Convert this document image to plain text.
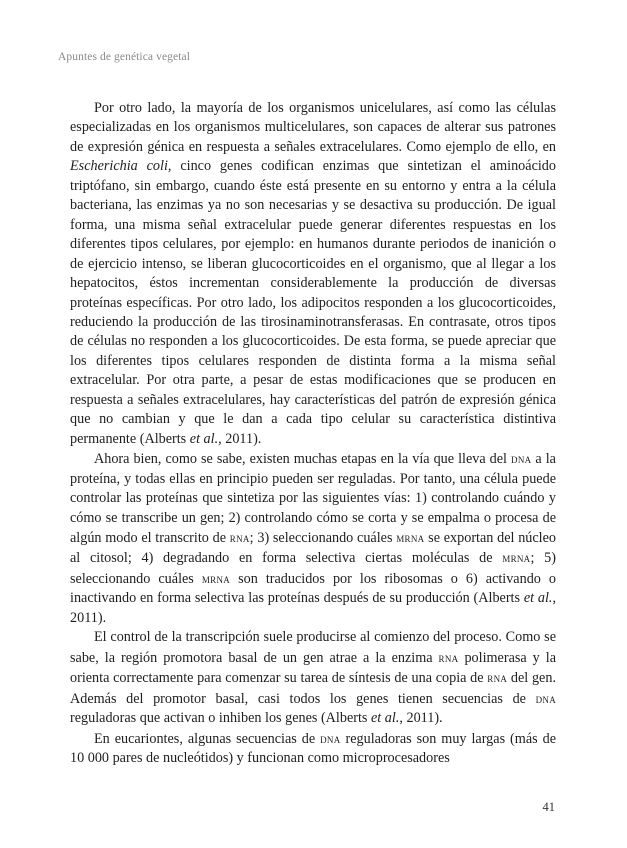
Apuntes de genética vegetal

Por otro lado, la mayoría de los organismos unicelulares, así como las células especializadas en los organismos multicelulares, son capaces de alterar sus patrones de expresión génica en respuesta a señales extracelulares. Como ejemplo de ello, en Escherichia coli, cinco genes codifican enzimas que sintetizan el aminoácido triptófano, sin embargo, cuando éste está presente en su entorno y entra a la célula bacteriana, las enzimas ya no son necesarias y se desactiva su producción. De igual forma, una misma señal extracelular puede generar diferentes respuestas en los diferentes tipos celulares, por ejemplo: en humanos durante periodos de inanición o de ejercicio intenso, se liberan glucocorticoides en el organismo, que al llegar a los hepatocitos, éstos incrementan considerablemente la producción de diversas proteínas específicas. Por otro lado, los adipocitos responden a los glucocorticoides, reduciendo la producción de las tirosinaminotransferasas. En contrasate, otros tipos de células no responden a los glucocorticoides. De esta forma, se puede apreciar que los diferentes tipos celulares responden de distinta forma a la misma señal extracelular. Por otra parte, a pesar de estas modificaciones que se producen en respuesta a señales extracelulares, hay características del patrón de expresión génica que no cambian y que le dan a cada tipo celular su característica distintiva permanente (Alberts et al., 2011).

Ahora bien, como se sabe, existen muchas etapas en la vía que lleva del dna a la proteína, y todas ellas en principio pueden ser reguladas. Por tanto, una célula puede controlar las proteínas que sintetiza por las siguientes vías: 1) controlando cuándo y cómo se transcribe un gen; 2) controlando cómo se corta y se empalma o procesa de algún modo el transcrito de rna; 3) seleccionando cuáles mrna se exportan del núcleo al citosol; 4) degradando en forma selectiva ciertas moléculas de mrna; 5) seleccionando cuáles mrna son traducidos por los ribosomas o 6) activando o inactivando en forma selectiva las proteínas después de su producción (Alberts et al., 2011).

El control de la transcripción suele producirse al comienzo del proceso. Como se sabe, la región promotora basal de un gen atrae a la enzima rna polimerasa y la orienta correctamente para comenzar su tarea de síntesis de una copia de rna del gen. Además del promotor basal, casi todos los genes tienen secuencias de dna reguladoras que activan o inhiben los genes (Alberts et al., 2011).

En eucariontes, algunas secuencias de dna reguladoras son muy largas (más de 10 000 pares de nucleótidos) y funcionan como microprocesadores

41
